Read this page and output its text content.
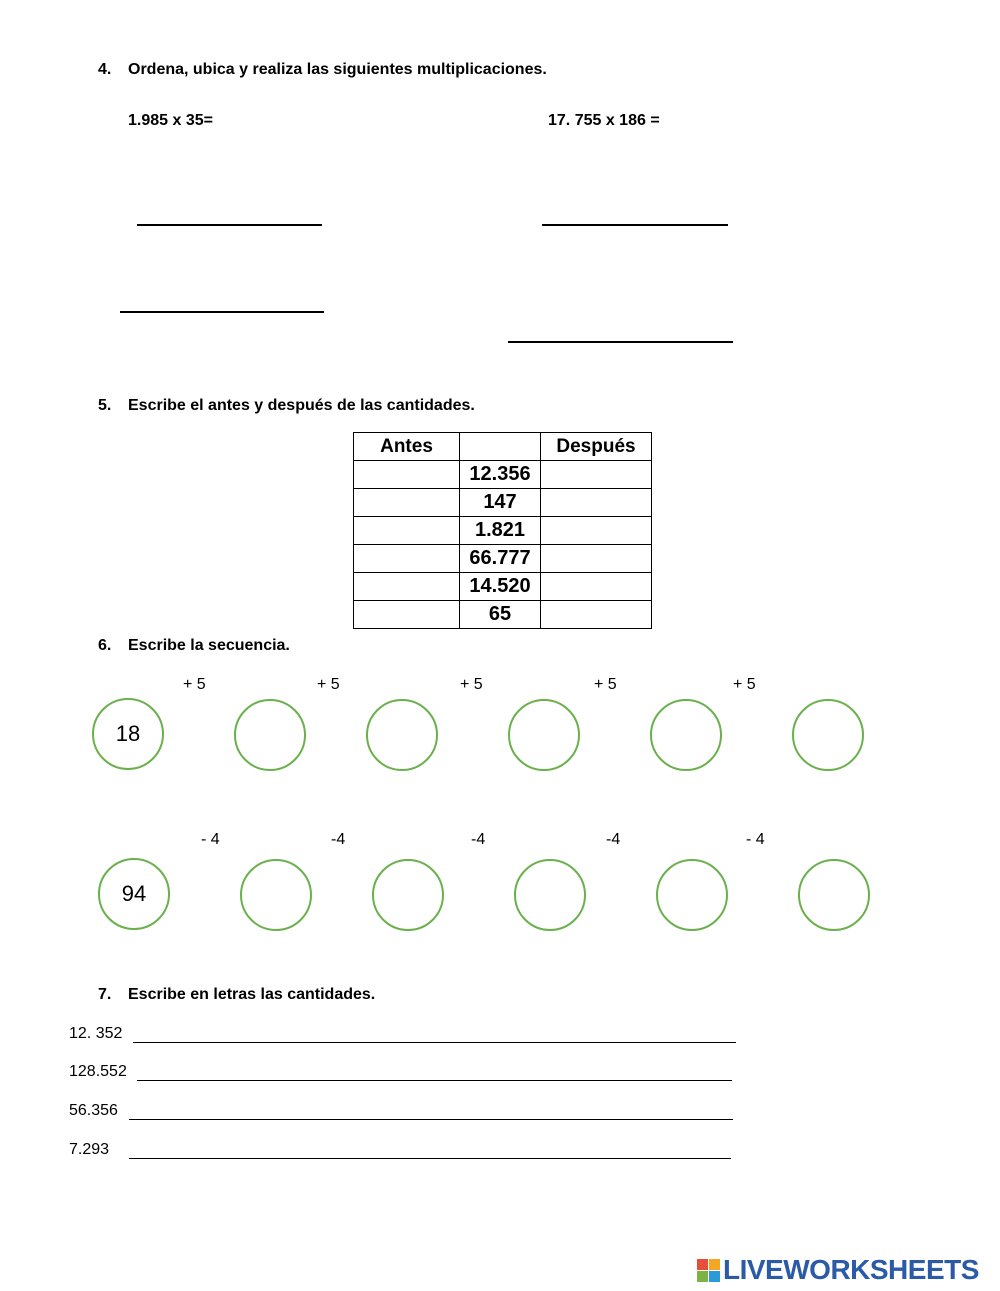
4. Ordena, ubica y realiza las siguientes multiplicaciones.
1.985 x 35=	17. 755 x 186 =
5. Escribe el antes y después de las cantidades.
Antes		Después
	12.356	
	147	
	1.821	
	66.777	
	14.520	
	65	
6. Escribe la secuencia.
+ 5	+ 5	+ 5	+ 5	+ 5
18
- 4	-4	-4	-4	- 4
94
7. Escribe en letras las cantidades.
12. 352
128.552
56.356
7.293
LIVEWORKSHEETS
